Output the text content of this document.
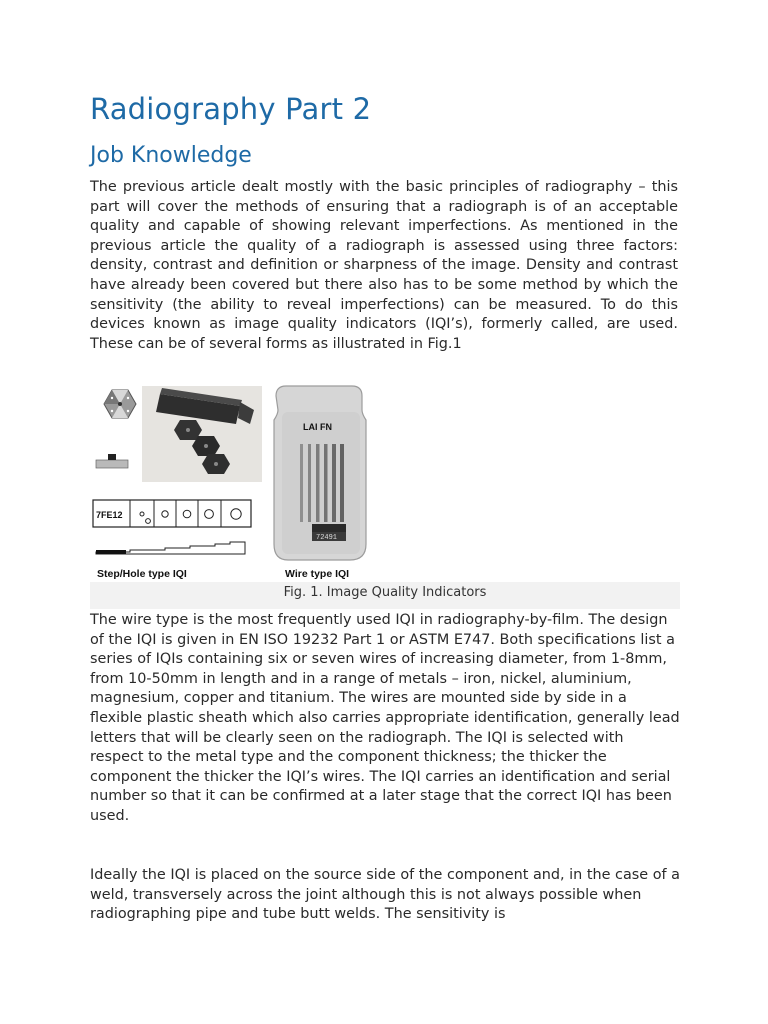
Radiography Part 2
Job Knowledge

The previous article dealt mostly with the basic principles of radiography – this part will cover the methods of ensuring that a radiograph is of an acceptable quality and capable of showing relevant imperfections. As mentioned in the previous article the quality of a radiograph is assessed using three factors: density, contrast and definition or sharpness of the image. Density and contrast have already been covered but there also has to be some method by which the sensitivity (the ability to reveal imperfections) can be measured. To do this devices known as image quality indicators (IQI’s), formerly called, are used. These can be of several forms as illustrated in Fig.1

7FE12
Step/Hole type IQI
LAI FN
72491
Wire type IQI
Fig. 1. Image Quality Indicators

The wire type is the most frequently used IQI in radiography-by-film. The design of the IQI is given in EN ISO 19232 Part 1 or ASTM E747. Both specifications list a series of IQIs containing six or seven wires of increasing diameter, from 1-8mm, from 10-50mm in length and in a range of metals – iron, nickel, aluminium, magnesium, copper and titanium. The wires are mounted side by side in a flexible plastic sheath which also carries appropriate identification, generally lead letters that will be clearly seen on the radiograph. The IQI is selected with respect to the metal type and the component thickness; the thicker the component the thicker the IQI’s wires. The IQI carries an identification and serial number so that it can be confirmed at a later stage that the correct IQI has been used.

Ideally the IQI is placed on the source side of the component and, in the case of a weld, transversely across the joint although this is not always possible when radiographing pipe and tube butt welds. The sensitivity is
